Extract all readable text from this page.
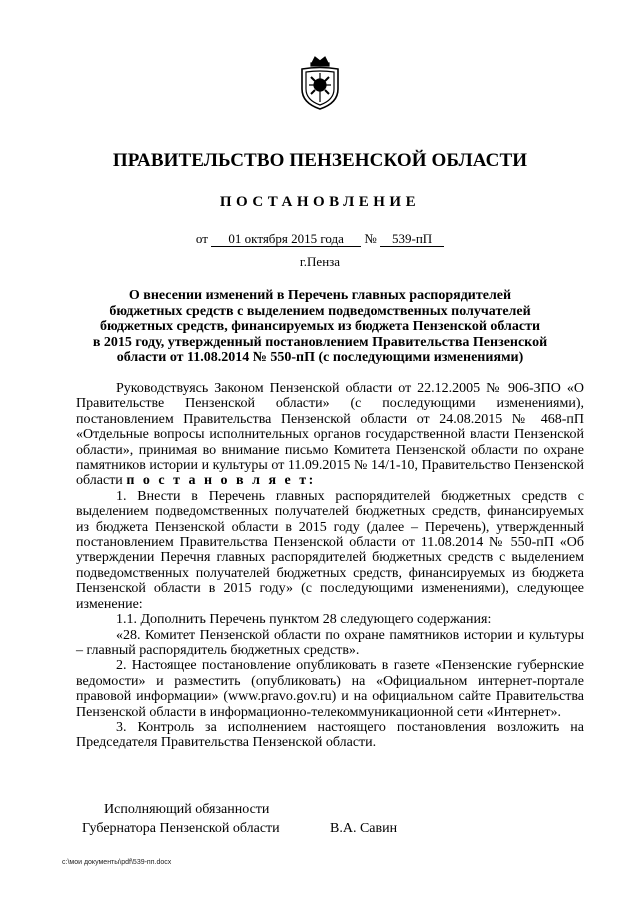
ПРАВИТЕЛЬСТВО ПЕНЗЕНСКОЙ ОБЛАСТИ
ПОСТАНОВЛЕНИЕ
от 01 октября 2015 года № 539-пП
г.Пенза
О внесении изменений в Перечень главных распорядителей
бюджетных средств с выделением подведомственных получателей
бюджетных средств, финансируемых из бюджета Пензенской области
в 2015 году, утвержденный постановлением Правительства Пензенской
области от 11.08.2014 № 550-пП (с последующими изменениями)

Руководствуясь Законом Пензенской области от 22.12.2005 № 906-ЗПО «О Правительстве Пензенской области» (с последующими изменениями), постановлением Правительства Пензенской области от 24.08.2015 № 468-пП «Отдельные вопросы исполнительных органов государственной власти Пензенской области», принимая во внимание письмо Комитета Пензенской области по охране памятников истории и культуры от 11.09.2015 № 14/1-10, Правительство Пензенской области п о с т а н о в л я е т:

1. Внести в Перечень главных распорядителей бюджетных средств с выделением подведомственных получателей бюджетных средств, финансируемых из бюджета Пензенской области в 2015 году (далее – Перечень), утвержденный постановлением Правительства Пензенской области от 11.08.2014 № 550-пП «Об утверждении Перечня главных распорядителей бюджетных средств с выделением подведомственных получателей бюджетных средств, финансируемых из бюджета Пензенской области в 2015 году» (с последующими изменениями), следующее изменение:

1.1. Дополнить Перечень пунктом 28 следующего содержания:

«28. Комитет Пензенской области по охране памятников истории и культуры – главный распорядитель бюджетных средств».

2. Настоящее постановление опубликовать в газете «Пензенские губернские ведомости» и разместить (опубликовать) на «Официальном интернет-портале правовой информации» (www.pravo.gov.ru) и на официальном сайте Правительства Пензенской области в информационно-телекоммуникационной сети «Интернет».

3. Контроль за исполнением настоящего постановления возложить на Председателя Правительства Пензенской области.

Исполняющий обязанности
Губернатора Пензенской области	В.А. Савин
c:\мои документы\pdf\539-пп.docx
